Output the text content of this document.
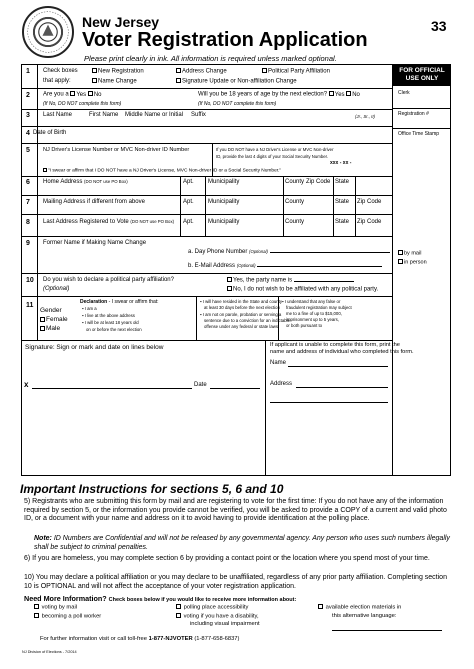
New Jersey
Voter Registration Application
Please print clearly in ink. All information is required unless marked optional.
33
FOR OFFICIAL USE ONLY
Clerk
Registration #
Office Time Stamp
by mail
in person
1 Check boxes
that apply:
New Registration
Name Change
Address Change
Signature Update or Non-affiliation Change
Political Party Affiliation
2 Are you a Yes No
(If No, DO NOT complete this form)
Will you be 18 years of age by the next election? Yes No
(If No, DO NOT complete this form)
3 Last Name	First Name Middle Name or Initial Suffix	(Jr., Sr., II)
4 Date of Birth
5 NJ Driver's License Number or MVC Non-driver ID Number	If you DO NOT have a NJ Driver's License or MVC Non-driver
ID, provide the last 4 digits of your Social Security Number.
xxx - xx -
"I swear or affirm that I DO NOT have a NJ Driver's License, MVC Non-driver ID or a Social Security Number."
6 Home Address (DO NOT use PO Box)	Apt. Municipality	County Zip Code State
7 Mailing Address if different from above	Apt. Municipality	County	State Zip Code
8 Last Address Registered to Vote (DO NOT use PO Box) Apt. Municipality	County	State Zip Code
9 Former Name if Making Name Change
a. Day Phone Number (Optional)
b. E-Mail Address (Optional)
10 Do you wish to declare a political party affiliation?
(Optional)
Yes, the party name is
No, I do not wish to be affiliated with any political party.
11
Gender
Female
Male
Declaration - I swear or affirm that:
▪ I am a
▪ I live at the above address
▪ I will be at least 18 years old
on or before the next election
▪ I will have resided in the State and county
at least 30 days before the next election
▪ I am not on parole, probation or serving a
sentence due to a conviction for an indictable
offense under any federal or state laws
▪ I understand that any false or
fraudulent registration may subject
me to a fine of up to $15,000,
imprisonment up to 5 years,
or both pursuant to
Signature: Sign or mark and date on lines below
x	Date
If applicant is unable to complete this form, print the
name and address of individual who completed this form.
Name
Address
Important Instructions for sections 5, 6 and 10
5) Registrants who are submitting this form by mail and are registering to vote for the first time: If you do not have any of the information required by section 5, or the information you provide cannot be verified, you will be asked to provide a COPY of a current and valid photo ID, or a document with your name and address on it to avoid having to provide identification at the polling place.
Note: ID Numbers are Confidential and will not be released by any governmental agency. Any person who uses such numbers illegally shall be subject to criminal penalties.
6) If you are homeless, you may complete section 6 by providing a contact point or the location where you spend most of your time.
10) You may declare a political affiliation or you may declare to be unaffiliated, regardless of any prior party affiliation. Completing section 10 is OPTIONAL and will not affect the acceptance of your voter registration application.
Need More Information? Check boxes below if you would like to receive more information about:
voting by mail
becoming a poll worker
polling place accessibility
voting if you have a disability,
including visual impairment
available election materials in
this alternative language:
For further information visit or call toll-free 1-877-NJVOTER (1-877-658-6837)
NJ Division of Elections - 7/2014
